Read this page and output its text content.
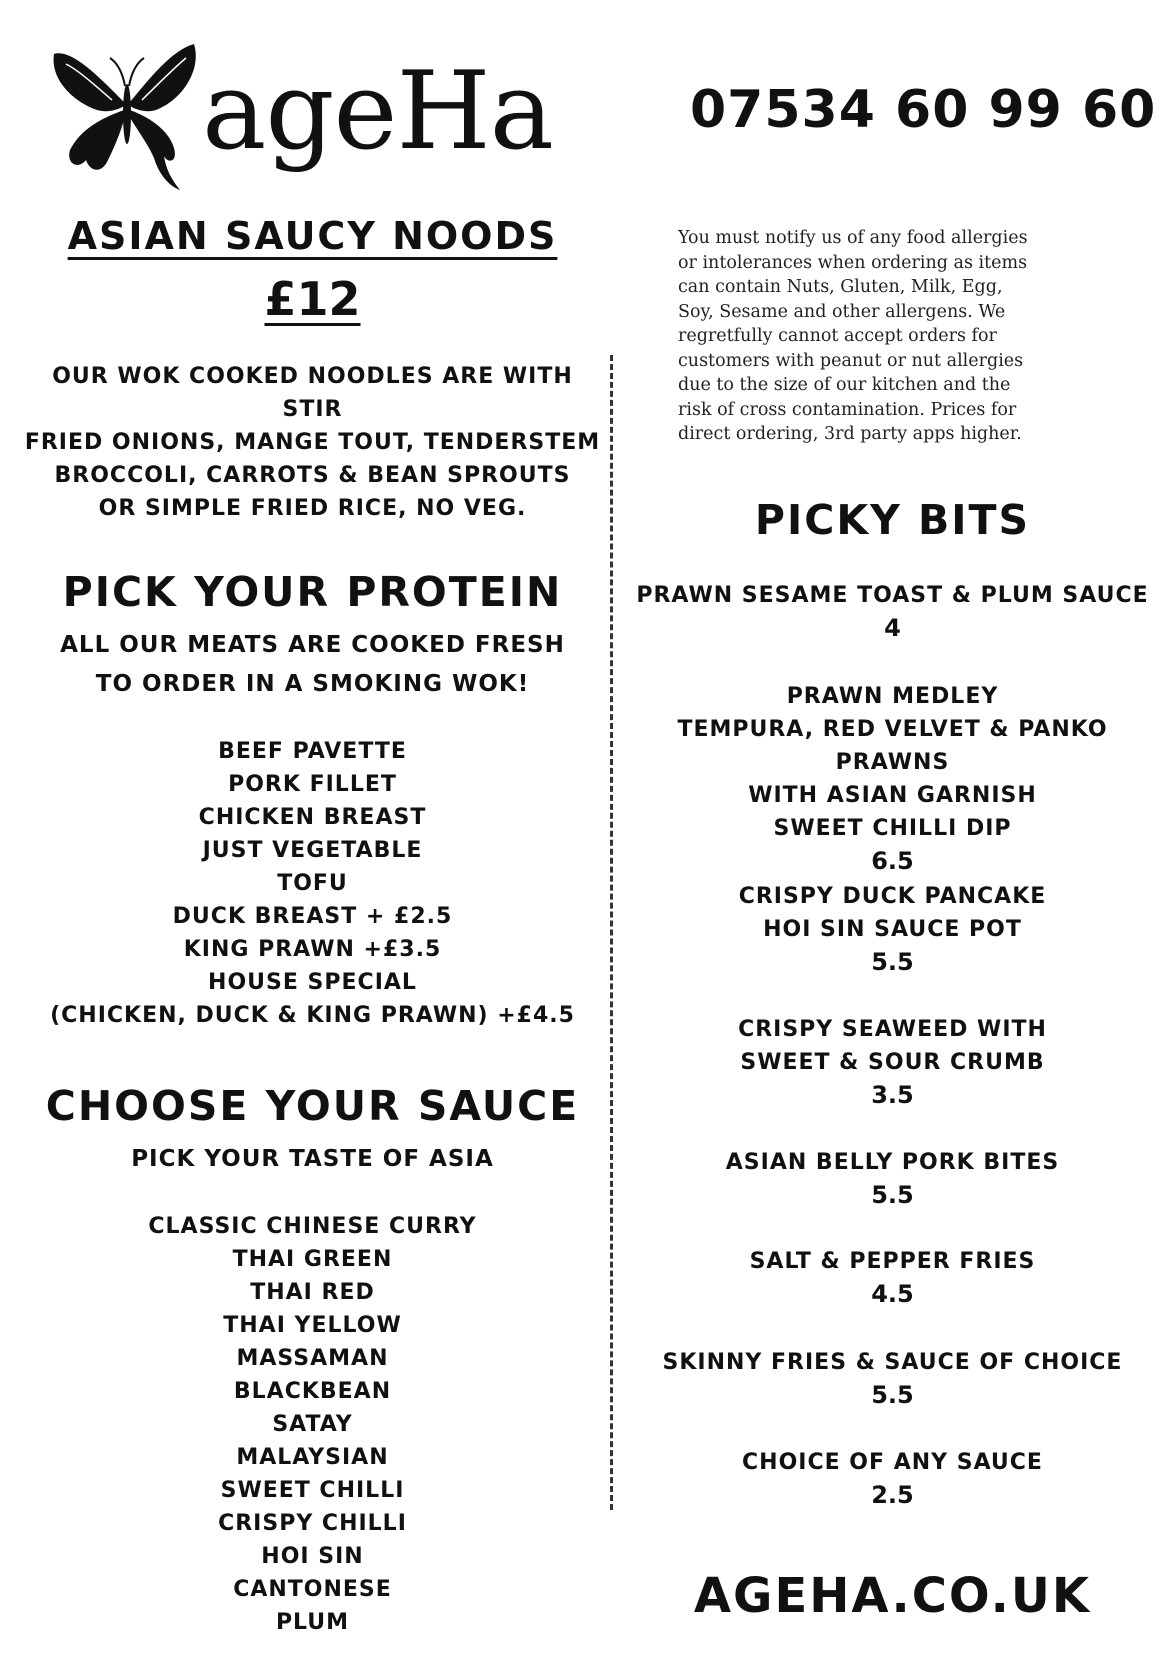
ageHa	07534 60 99 60
ASIAN SAUCY NOODS
£12
OUR WOK COOKED NOODLES ARE WITH STIR
FRIED ONIONS, MANGE TOUT, TENDERSTEM
BROCCOLI, CARROTS & BEAN SPROUTS
OR SIMPLE FRIED RICE, NO VEG.
PICK YOUR PROTEIN
ALL OUR MEATS ARE COOKED FRESH
TO ORDER IN A SMOKING WOK!
BEEF PAVETTE
PORK FILLET
CHICKEN BREAST
JUST VEGETABLE
TOFU
DUCK BREAST + £2.5
KING PRAWN +£3.5
HOUSE SPECIAL
(CHICKEN, DUCK & KING PRAWN) +£4.5
CHOOSE YOUR SAUCE
PICK YOUR TASTE OF ASIA
CLASSIC CHINESE CURRY
THAI GREEN
THAI RED
THAI YELLOW
MASSAMAN
BLACKBEAN
SATAY
MALAYSIAN
SWEET CHILLI
CRISPY CHILLI
HOI SIN
CANTONESE
PLUM
You must notify us of any food allergies
or intolerances when ordering as items
can contain Nuts, Gluten, Milk, Egg,
Soy, Sesame and other allergens. We
regretfully cannot accept orders for
customers with peanut or nut allergies
due to the size of our kitchen and the
risk of cross contamination. Prices for
direct ordering, 3rd party apps higher.
PICKY BITS
PRAWN SESAME TOAST & PLUM SAUCE
4
PRAWN MEDLEY
TEMPURA, RED VELVET & PANKO PRAWNS
WITH ASIAN GARNISH
SWEET CHILLI DIP
6.5
CRISPY DUCK PANCAKE
HOI SIN SAUCE POT
5.5
CRISPY SEAWEED WITH
SWEET & SOUR CRUMB
3.5
ASIAN BELLY PORK BITES
5.5
SALT & PEPPER FRIES
4.5
SKINNY FRIES & SAUCE OF CHOICE
5.5
CHOICE OF ANY SAUCE
2.5
AGEHA.CO.UK
